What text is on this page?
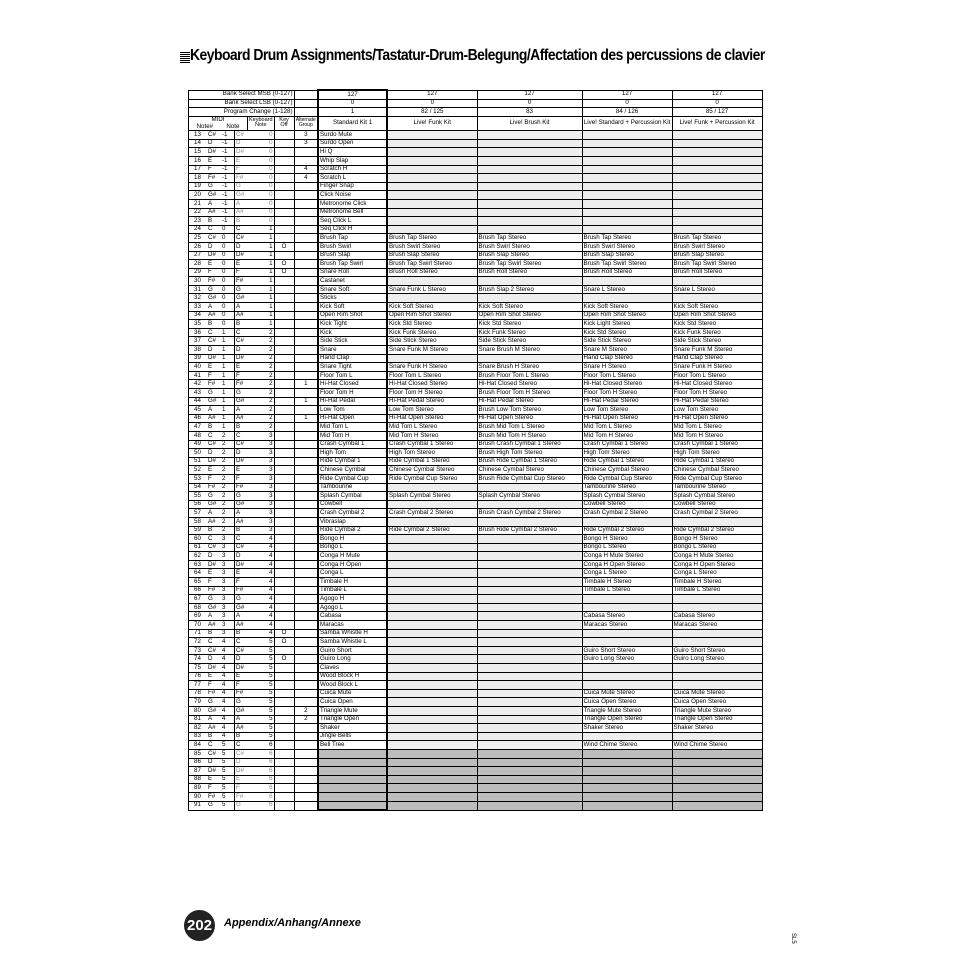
Keyboard Drum Assignments/Tastatur-Drum-Belegung/Affectation des percussions de clavier
Bank Select MSB (0-127)							127	127	127	127	127
Bank Select LSB (0-127)							0	0	0	0	0
Program Change (1-128)							1	82 / 125	83	84 / 126	85 / 127

MIDI
Note# Note				Keyboard Note	Key Off	Alternate Group	Standard Kit 1	Live! Funk Kit	Live! Brush Kit	Live! Standard + Percussion Kit	Live! Funk + Percussion Kit
13	C#	-1	C#	0		3	Surdo Mute				
14	D	-1	D	0		3	Surdo Open				
15	D#	-1	D#	0			Hi Q				
16	E	-1	E	0			Whip Slap				
17	F	-1	F	0		4	Scratch H				
18	F#	-1	F#	0		4	Scratch L				
19	G	-1	G	0			Finger Snap				
20	G#	-1	G#	0			Click Noise				
21	A	-1	A	0			Metronome Click				
22	A#	-1	A#	0			Metronome Bell				
23	B	-1	B	0			Seq Click L				
24	C	0	C	1			Seq Click H				
25	C#	0	C#	1			Brush Tap	Brush Tap Stereo	Brush Tap Stereo	Brush Tap Stereo	Brush Tap Stereo
26	D	0	D	1	O		Brush Swirl	Brush Swirl Stereo	Brush Swirl Stereo	Brush Swirl Stereo	Brush Swirl Stereo
27	D#	0	D#	1			Brush Slap	Brush Slap Stereo	Brush Slap Stereo	Brush Slap Stereo	Brush Slap Stereo
28	E	0	E	1	O		Brush Tap Swirl	Brush Tap Swirl Stereo	Brush Tap Swirl Stereo	Brush Tap Swirl Stereo	Brush Tap Swirl Stereo
29	F	0	F	1	O		Snare Roll	Brush Roll Stereo	Brush Roll Stereo	Brush Roll Stereo	Brush Roll Stereo
30	F#	0	F#	1			Castanet				
31	G	0	G	1			Snare Soft	Snare Funk L Stereo	Brush Slap 2 Stereo	Snare L Stereo	Snare L Stereo
32	G#	0	G#	1			Sticks				
33	A	0	A	1			Kick Soft	Kick Soft Stereo	Kick Soft Stereo	Kick Soft Stereo	Kick Soft Stereo
34	A#	0	A#	1			Open Rim Shot	Open Rim Shot Stereo	Open Rim Shot Stereo	Open Rim Shot Stereo	Open Rim Shot Stereo
35	B	0	B	1			Kick Tight	Kick Std Stereo	Kick Std Stereo	Kick Light Stereo	Kick Std Stereo
36	C	1	C	2			Kick	Kick Funk Stereo	Kick Funk Stereo	Kick Std Stereo	Kick Funk Stereo
37	C#	1	C#	2			Side Stick	Side Stick Stereo	Side Stick Stereo	Side Stick Stereo	Side Stick Stereo
38	D	1	D	2			Snare	Snare Funk M Stereo	Snare Brush M Stereo	Snare M Stereo	Snare Funk M Stereo
39	D#	1	D#	2			Hand Clap			Hand Clap Stereo	Hand Clap Stereo
40	E	1	E	2			Snare Tight	Snare Funk H Stereo	Snare Brush H Stereo	Snare H Stereo	Snare Funk H Stereo
41	F	1	F	2			Floor Tom L	Floor Tom L Stereo	Brush Floor Tom L Stereo	Floor Tom L Stereo	Floor Tom L Stereo
42	F#	1	F#	2		1	Hi-Hat Closed	Hi-Hat Closed Stereo	Hi-Hat Closed Stereo	Hi-Hat Closed Stereo	Hi-Hat Closed Stereo
43	G	1	G	2			Floor Tom H	Floor Tom H Stereo	Brush Floor Tom H Stereo	Floor Tom H Stereo	Floor Tom H Stereo
44	G#	1	G#	2		1	Hi-Hat Pedal	Hi-Hat Pedal Stereo	Hi-Hat Pedal Stereo	Hi-Hat Pedal Stereo	Hi-Hat Pedal Stereo
45	A	1	A	2			Low Tom	Low Tom Stereo	Brush Low Tom Stereo	Low Tom Stereo	Low Tom Stereo
46	A#	1	A#	2		1	Hi-Hat Open	Hi-Hat Open Stereo	Hi-Hat Open Stereo	Hi-Hat Open Stereo	Hi-Hat Open Stereo
47	B	1	B	2			Mid Tom L	Mid Tom L Stereo	Brush Mid Tom L Stereo	Mid Tom L Stereo	Mid Tom L Stereo
48	C	2	C	3			Mid Tom H	Mid Tom H Stereo	Brush Mid Tom H Stereo	Mid Tom H Stereo	Mid Tom H Stereo
49	C#	2	C#	3			Crash Cymbal 1	Crash Cymbal 1 Stereo	Brush Crash Cymbal 1 Stereo	Crash Cymbal 1 Stereo	Crash Cymbal 1 Stereo
50	D	2	D	3			High Tom	High Tom Stereo	Brush High Tom Stereo	High Tom Stereo	High Tom Stereo
51	D#	2	D#	3			Ride Cymbal 1	Ride Cymbal 1 Stereo	Brush Ride Cymbal 1 Stereo	Ride Cymbal 1 Stereo	Ride Cymbal 1 Stereo
52	E	2	E	3			Chinese Cymbal	Chinese Cymbal Stereo	Chinese Cymbal Stereo	Chinese Cymbal Stereo	Chinese Cymbal Stereo
53	F	2	F	3			Ride Cymbal Cup	Ride Cymbal Cup Stereo	Brush Ride Cymbal Cup Stereo	Ride Cymbal Cup Stereo	Ride Cymbal Cup Stereo
54	F#	2	F#	3			Tambourine			Tambourine Stereo	Tambourine Stereo
55	G	2	G	3			Splash Cymbal	Splash Cymbal Stereo	Splash Cymbal Stereo	Splash Cymbal Stereo	Splash Cymbal Stereo
56	G#	2	G#	3			Cowbell			Cowbell Stereo	Cowbell Stereo
57	A	2	A	3			Crash Cymbal 2	Crash Cymbal 2 Stereo	Brush Crash Cymbal 2 Stereo	Crash Cymbal 2 Stereo	Crash Cymbal 2 Stereo
58	A#	2	A#	3			Vibraslap				
59	B	2	B	3			Ride Cymbal 2	Ride Cymbal 2 Stereo	Brush Ride Cymbal 2 Stereo	Ride Cymbal 2 Stereo	Ride Cymbal 2 Stereo
60	C	3	C	4			Bongo H			Bongo H Stereo	Bongo H Stereo
61	C#	3	C#	4			Bongo L			Bongo L Stereo	Bongo L Stereo
62	D	3	D	4			Conga H Mute			Conga H Mute Stereo	Conga H Mute Stereo
63	D#	3	D#	4			Conga H Open			Conga H Open Stereo	Conga H Open Stereo
64	E	3	E	4			Conga L			Conga L Stereo	Conga L Stereo
65	F	3	F	4			Timbale H			Timbale H Stereo	Timbale H Stereo
66	F#	3	F#	4			Timbale L			Timbale L Stereo	Timbale L Stereo
67	G	3	G	4			Agogo H				
68	G#	3	G#	4			Agogo L				
69	A	3	A	4			Cabasa			Cabasa Stereo	Cabasa Stereo
70	A#	3	A#	4			Maracas			Maracas Stereo	Maracas Stereo
71	B	3	B	4	O		Samba Whistle H				
72	C	4	C	5	O		Samba Whistle L				
73	C#	4	C#	5			Guiro Short			Guiro Short Stereo	Guiro Short Stereo
74	D	4	D	5	O		Guiro Long			Guiro Long Stereo	Guiro Long Stereo
75	D#	4	D#	5			Claves				
76	E	4	E	5			Wood Block H				
77	F	4	F	5			Wood Block L				
78	F#	4	F#	5			Cuica Mute			Cuica Mute Stereo	Cuica Mute Stereo
79	G	4	G	5			Cuica Open			Cuica Open Stereo	Cuica Open Stereo
80	G#	4	G#	5		2	Triangle Mute			Triangle Mute Stereo	Triangle Mute Stereo
81	A	4	A	5		2	Triangle Open			Triangle Open Stereo	Triangle Open Stereo
82	A#	4	A#	5			Shaker			Shaker Stereo	Shaker Stereo
83	B	4	B	5			Jingle Bells				
84	C	5	C	6			Bell Tree			Wind Chime Stereo	Wind Chime Stereo
85	C#	5	C#	6							
86	D	5	D	6							
87	D#	5	D#	6							
88	E	5	E	6							
89	F	5	F	6							
90	F#	5	F#	6							
91	G	5	G	6							
202 Appendix/Anhang/Annexe
SL5
